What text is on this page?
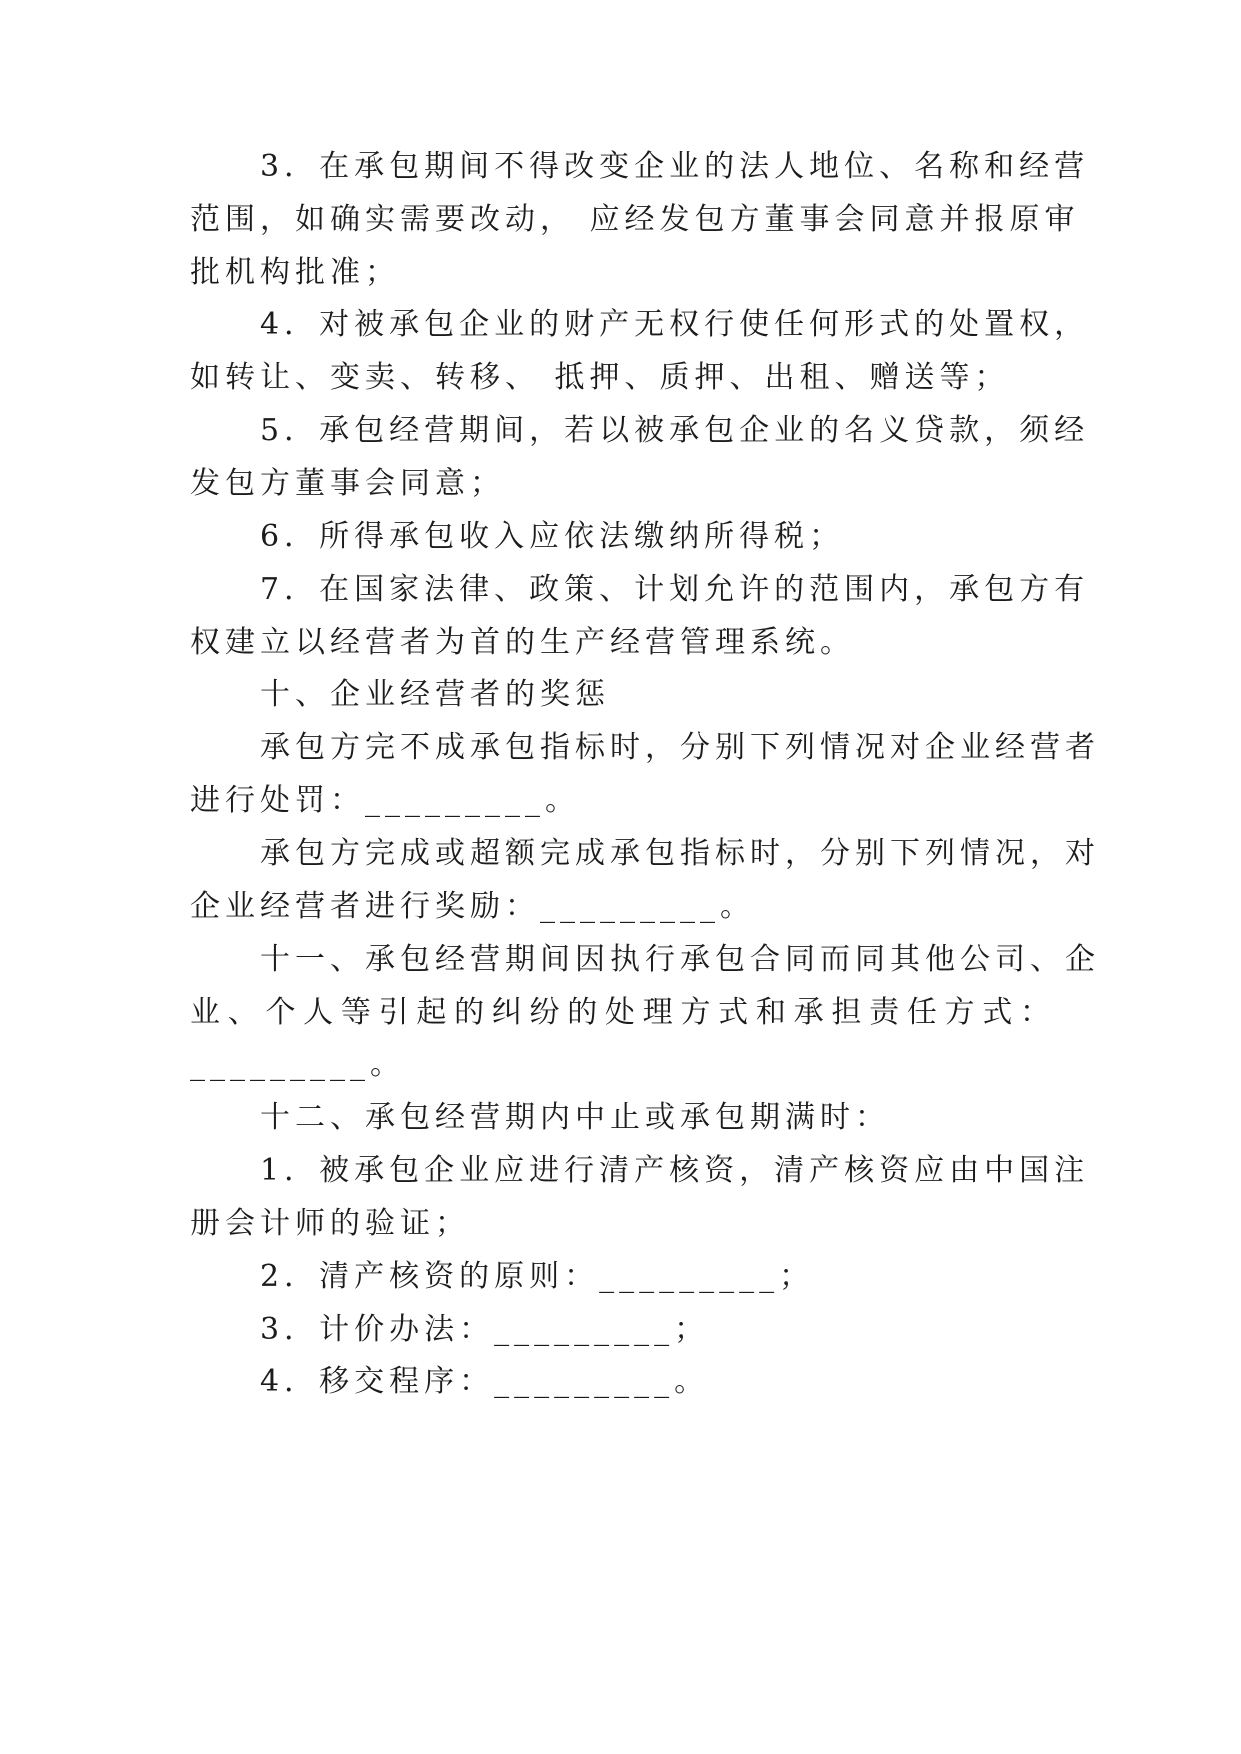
　　3．在承包期间不得改变企业的法人地位、名称和经营
范围，如确实需要改动， 应经发包方董事会同意并报原审
批机构批准；
　　4．对被承包企业的财产无权行使任何形式的处置权，
如转让、变卖、转移、 抵押、质押、出租、赠送等；
　　5．承包经营期间，若以被承包企业的名义贷款，须经
发包方董事会同意；
　　6．所得承包收入应依法缴纳所得税；
　　7．在国家法律、政策、计划允许的范围内，承包方有
权建立以经营者为首的生产经营管理系统。
　　十、企业经营者的奖惩
　　承包方完不成承包指标时，分别下列情况对企业经营者
进行处罚：_________。
　　承包方完成或超额完成承包指标时，分别下列情况，对
企业经营者进行奖励：_________。
　　十一、承包经营期间因执行承包合同而同其他公司、企
业、个人等引起的纠纷的处理方式和承担责任方式：
_________。
　　十二、承包经营期内中止或承包期满时：
　　1．被承包企业应进行清产核资，清产核资应由中国注
册会计师的验证；
　　2．清产核资的原则：_________；
　　3．计价办法：_________；
　　4．移交程序：_________。
